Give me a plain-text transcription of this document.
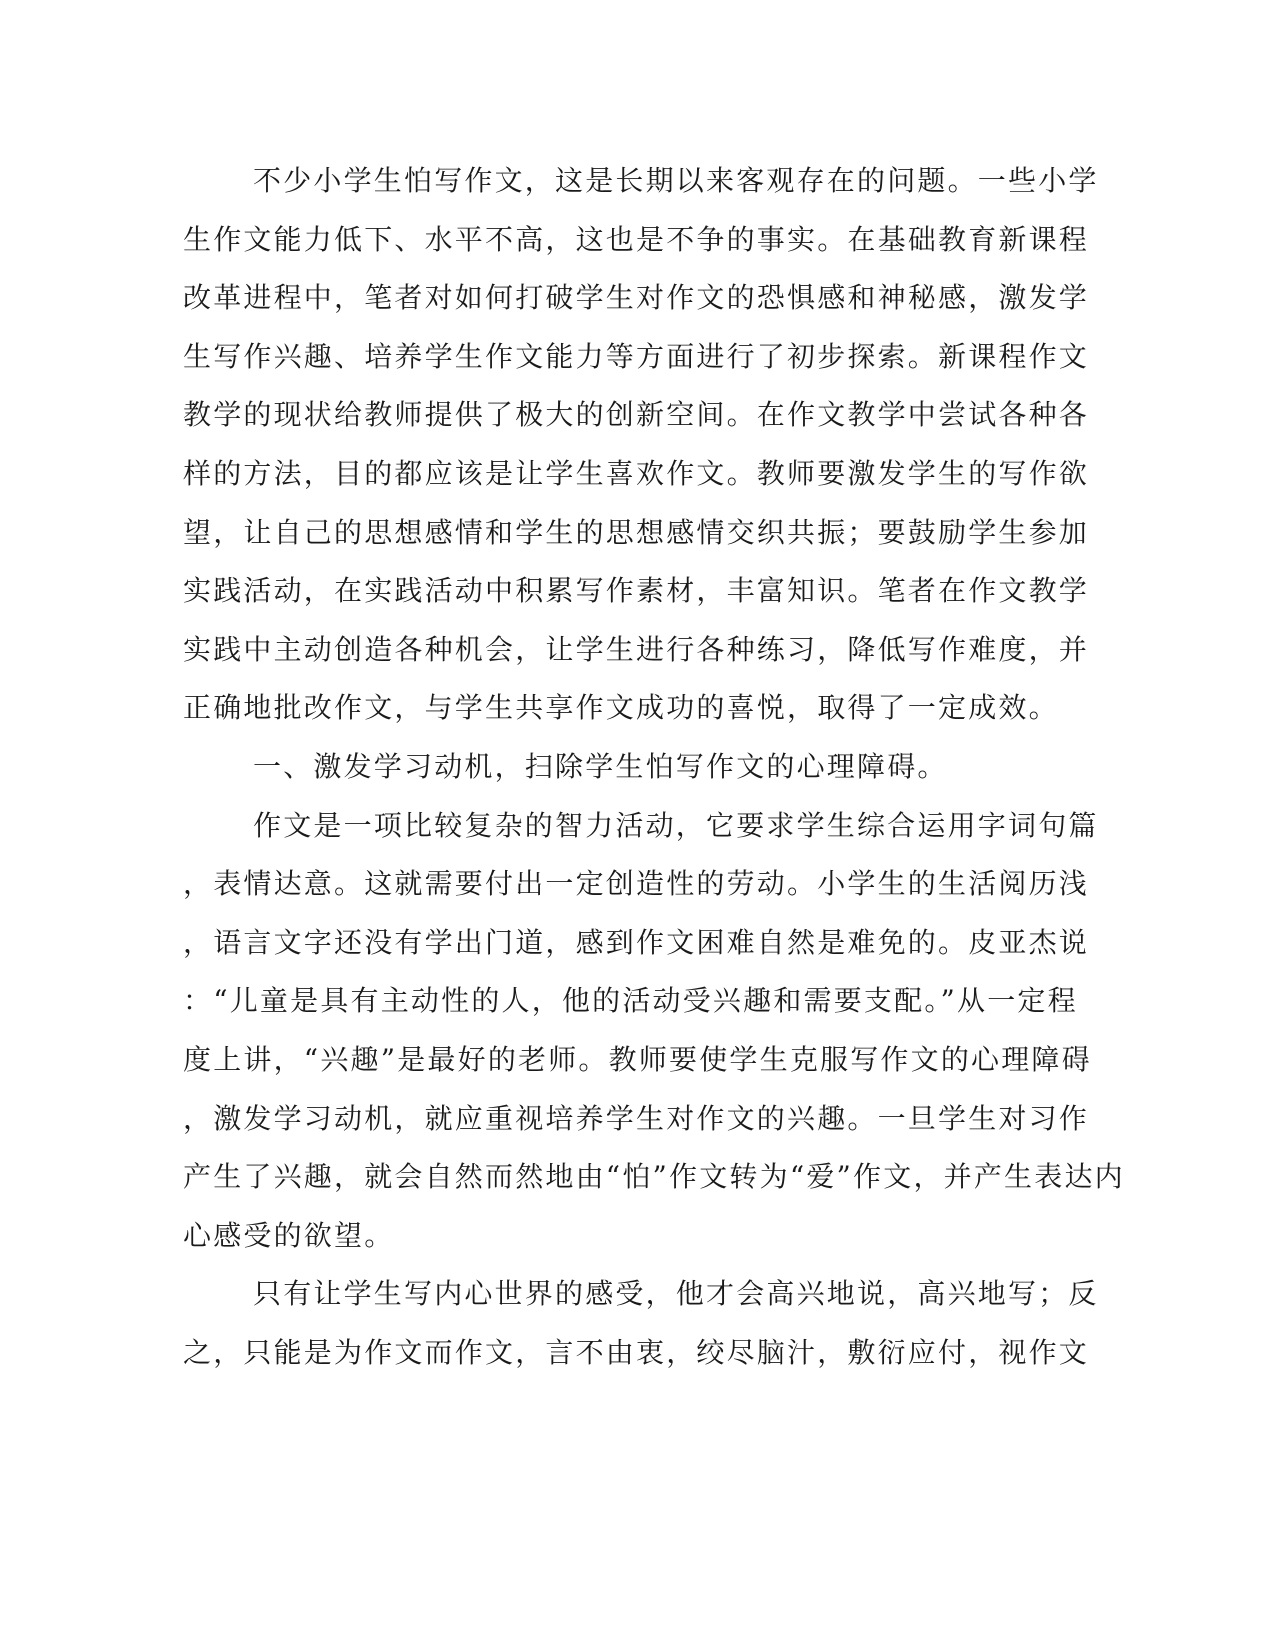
不少小学生怕写作文，这是长期以来客观存在的问题。一些小学
生作文能力低下、水平不高，这也是不争的事实。在基础教育新课程
改革进程中，笔者对如何打破学生对作文的恐惧感和神秘感，激发学
生写作兴趣、培养学生作文能力等方面进行了初步探索。新课程作文
教学的现状给教师提供了极大的创新空间。在作文教学中尝试各种各
样的方法，目的都应该是让学生喜欢作文。教师要激发学生的写作欲
望，让自己的思想感情和学生的思想感情交织共振；要鼓励学生参加
实践活动，在实践活动中积累写作素材，丰富知识。笔者在作文教学
实践中主动创造各种机会，让学生进行各种练习，降低写作难度，并
正确地批改作文，与学生共享作文成功的喜悦，取得了一定成效。
一、激发学习动机，扫除学生怕写作文的心理障碍。
作文是一项比较复杂的智力活动，它要求学生综合运用字词句篇
，表情达意。这就需要付出一定创造性的劳动。小学生的生活阅历浅
，语言文字还没有学出门道，感到作文困难自然是难免的。皮亚杰说
：“儿童是具有主动性的人，他的活动受兴趣和需要支配。”从一定程
度上讲，“兴趣”是最好的老师。教师要使学生克服写作文的心理障碍
，激发学习动机，就应重视培养学生对作文的兴趣。一旦学生对习作
产生了兴趣，就会自然而然地由“怕”作文转为“爱”作文，并产生表达内
心感受的欲望。
只有让学生写内心世界的感受，他才会高兴地说，高兴地写；反
之，只能是为作文而作文，言不由衷，绞尽脑汁，敷衍应付，视作文
